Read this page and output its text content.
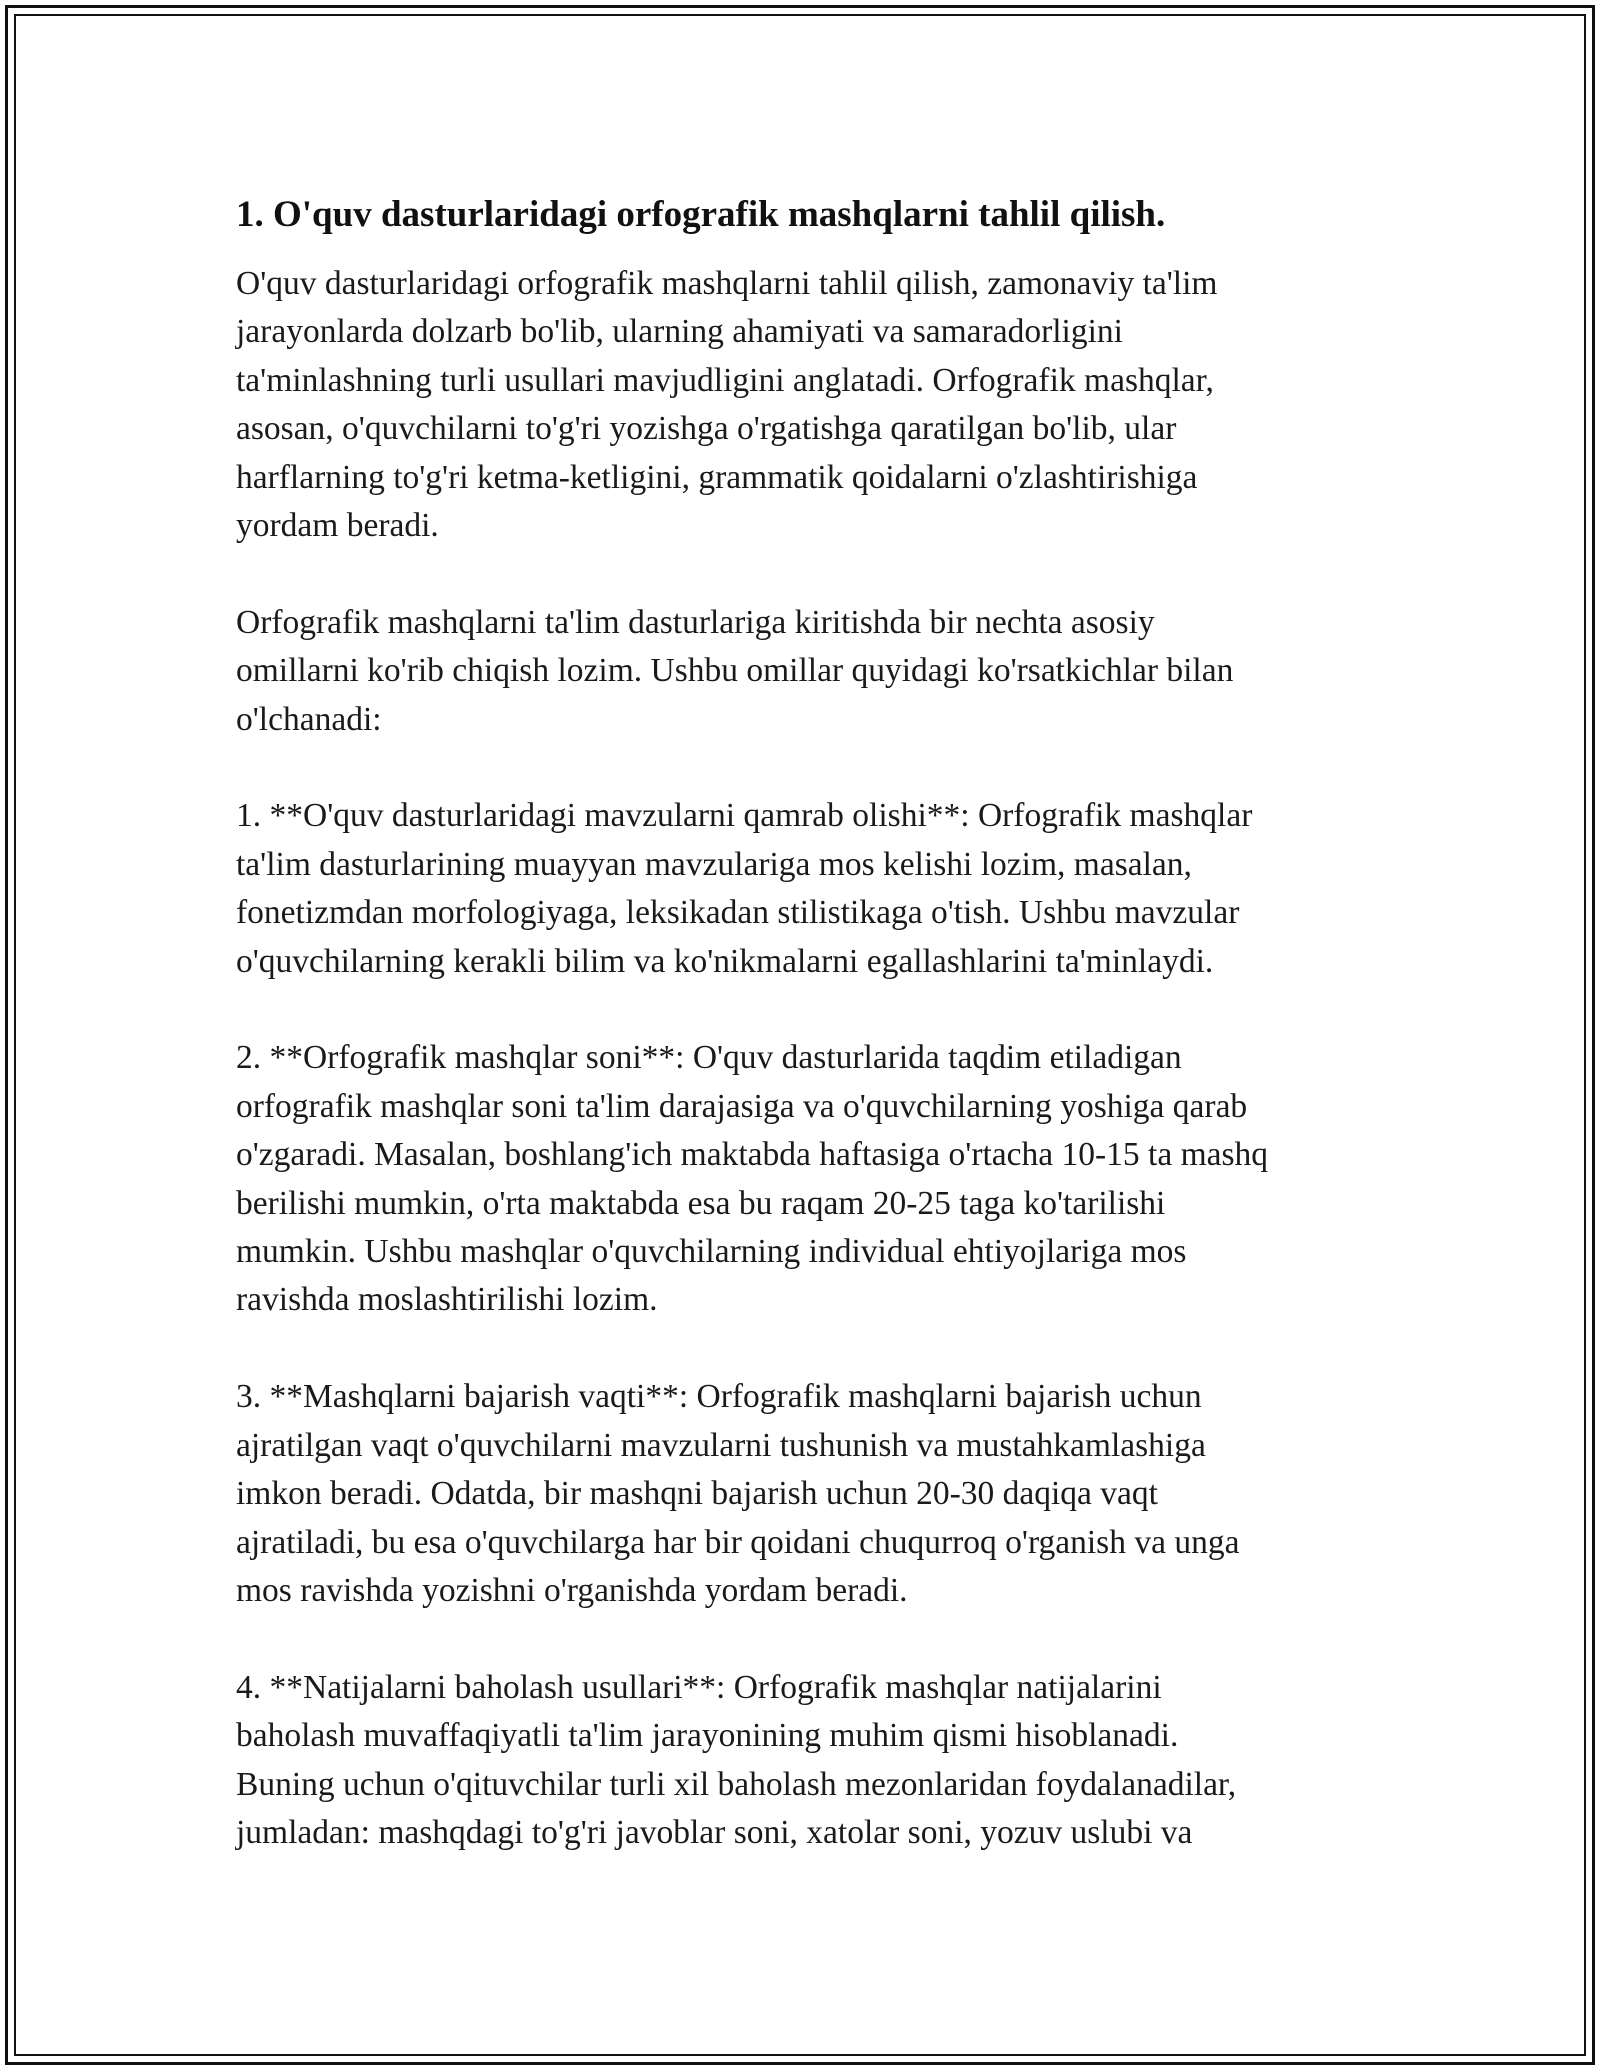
1. O'quv dasturlaridagi orfografik mashqlarni tahlil qilish.

O'quv dasturlaridagi orfografik mashqlarni tahlil qilish, zamonaviy ta'lim
jarayonlarda dolzarb bo'lib, ularning ahamiyati va samaradorligini
ta'minlashning turli usullari mavjudligini anglatadi. Orfografik mashqlar,
asosan, o'quvchilarni to'g'ri yozishga o'rgatishga qaratilgan bo'lib, ular
harflarning to'g'ri ketma-ketligini, grammatik qoidalarni o'zlashtirishiga
yordam beradi.

Orfografik mashqlarni ta'lim dasturlariga kiritishda bir nechta asosiy
omillarni ko'rib chiqish lozim. Ushbu omillar quyidagi ko'rsatkichlar bilan
o'lchanadi:

1. **O'quv dasturlaridagi mavzularni qamrab olishi**: Orfografik mashqlar
ta'lim dasturlarining muayyan mavzulariga mos kelishi lozim, masalan,
fonetizmdan morfologiyaga, leksikadan stilistikaga o'tish. Ushbu mavzular
o'quvchilarning kerakli bilim va ko'nikmalarni egallashlarini ta'minlaydi.

2. **Orfografik mashqlar soni**: O'quv dasturlarida taqdim etiladigan
orfografik mashqlar soni ta'lim darajasiga va o'quvchilarning yoshiga qarab
o'zgaradi. Masalan, boshlang'ich maktabda haftasiga o'rtacha 10-15 ta mashq
berilishi mumkin, o'rta maktabda esa bu raqam 20-25 taga ko'tarilishi
mumkin. Ushbu mashqlar o'quvchilarning individual ehtiyojlariga mos
ravishda moslashtirilishi lozim.

3. **Mashqlarni bajarish vaqti**: Orfografik mashqlarni bajarish uchun
ajratilgan vaqt o'quvchilarni mavzularni tushunish va mustahkamlashiga
imkon beradi. Odatda, bir mashqni bajarish uchun 20-30 daqiqa vaqt
ajratiladi, bu esa o'quvchilarga har bir qoidani chuqurroq o'rganish va unga
mos ravishda yozishni o'rganishda yordam beradi.

4. **Natijalarni baholash usullari**: Orfografik mashqlar natijalarini
baholash muvaffaqiyatli ta'lim jarayonining muhim qismi hisoblanadi.
Buning uchun o'qituvchilar turli xil baholash mezonlaridan foydalanadilar,
jumladan: mashqdagi to'g'ri javoblar soni, xatolar soni, yozuv uslubi va
